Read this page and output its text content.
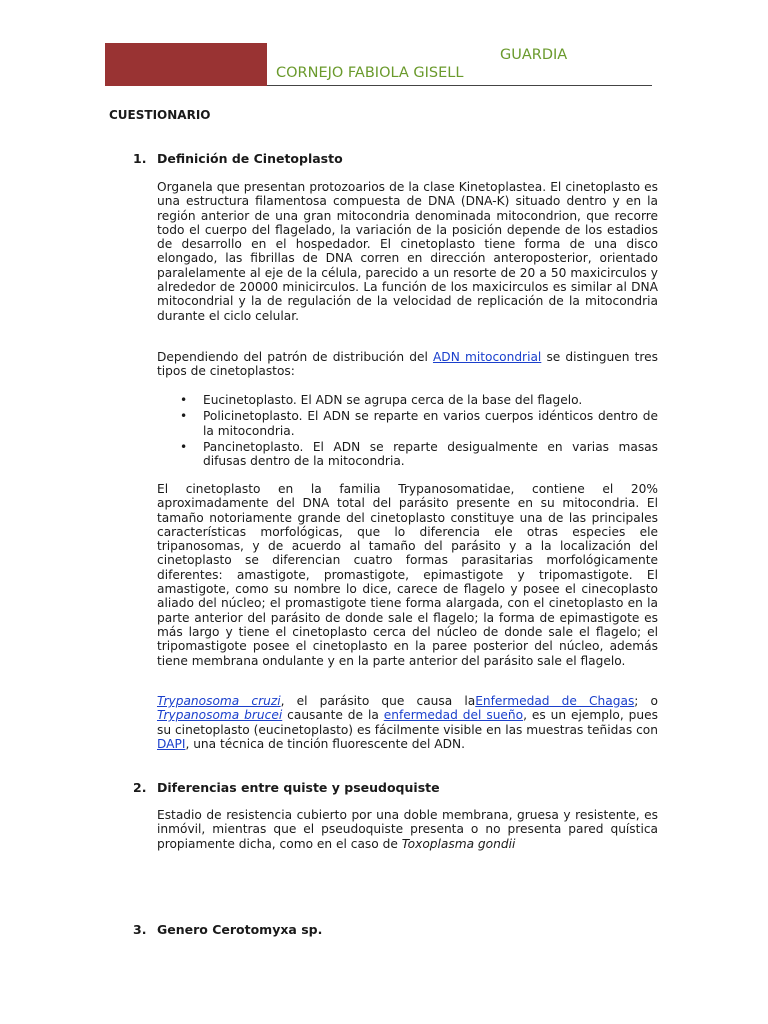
GUARDIA
CORNEJO FABIOLA GISELL
CUESTIONARIO
1. Definición de Cinetoplasto
Organela que presentan protozoarios de la clase Kinetoplastea. El cinetoplasto es una estructura filamentosa compuesta de DNA (DNA-K) situado dentro y en la región anterior de una gran mitocondria denominada mitocondrion, que recorre todo el cuerpo del flagelado, la variación de la posición depende de los estadios de desarrollo en el hospedador. El cinetoplasto tiene forma de una disco elongado, las fibrillas de DNA corren en dirección anteroposterior, orientado paralelamente al eje de la célula, parecido a un resorte de 20 a 50 maxicirculos y alrededor de 20000 minicirculos. La función de los maxicirculos es similar al DNA mitocondrial y la de regulación de la velocidad de replicación de la mitocondria durante el ciclo celular.
Dependiendo del patrón de distribución del ADN mitocondrial se distinguen tres tipos de cinetoplastos:
• Eucinetoplasto. El ADN se agrupa cerca de la base del flagelo.
• Policinetoplasto. El ADN se reparte en varios cuerpos idénticos dentro de la mitocondria.
• Pancinetoplasto. El ADN se reparte desigualmente en varias masas difusas dentro de la mitocondria.
El cinetoplasto en la familia Trypanosomatidae, contiene el 20% aproximadamente del DNA total del parásito presente en su mitocondria. El tamaño notoriamente grande del cinetoplasto constituye una de las principales características morfológicas, que lo diferencia ele otras especies ele tripanosomas, y de acuerdo al tamaño del parásito y a la localización del cinetoplasto se diferencian cuatro formas parasitarias morfológicamente diferentes: amastigote, promastigote, epimastigote y tripomastigote. El amastigote, como su nombre lo dice, carece de flagelo y posee el cinecoplasto aliado del núcleo; el promastigote tiene forma alargada, con el cinetoplasto en la parte anterior del parásito de donde sale el flagelo; la forma de epimastigote es más largo y tiene el cinetoplasto cerca del núcleo de donde sale el flagelo; el tripomastigote posee el cinetoplasto en la paree posterior del núcleo, además tiene membrana ondulante y en la parte anterior del parásito sale el flagelo.
Trypanosoma cruzi, el parásito que causa laEnfermedad de Chagas; o Trypanosoma brucei causante de la enfermedad del sueño, es un ejemplo, pues su cinetoplasto (eucinetoplasto) es fácilmente visible en las muestras teñidas con DAPI, una técnica de tinción fluorescente del ADN.
2. Diferencias entre quiste y pseudoquiste
Estadio de resistencia cubierto por una doble membrana, gruesa y resistente, es inmóvil, mientras que el pseudoquiste presenta o no presenta pared quística propiamente dicha, como en el caso de Toxoplasma gondii
3. Genero Cerotomyxa sp.
